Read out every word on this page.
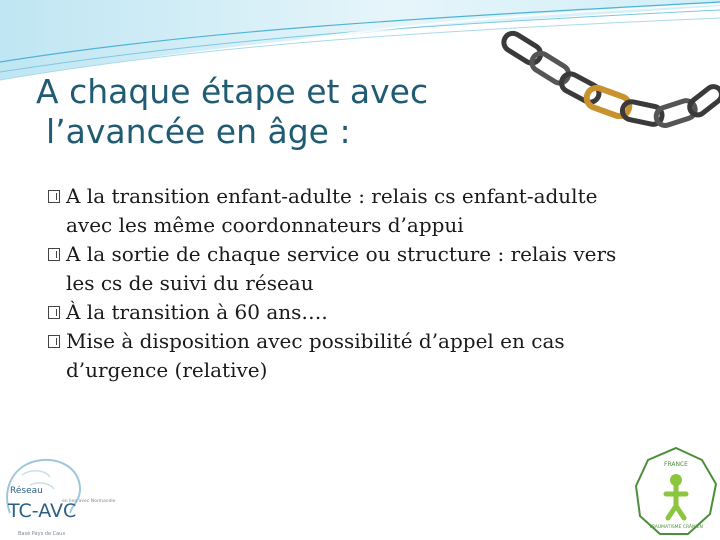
A chaque étape et avec
l’avancée en âge :
A la transition enfant-adulte : relais cs enfant-adulte
avec les même coordonnateurs d’appui
A la sortie de chaque service ou structure : relais vers
les cs de suivi du réseau
À la transition à 60 ans….
Mise à disposition avec possibilité d’appel en cas
d’urgence (relative)
Réseau
TC-AVC
en lien avec Normandie
Basé Pays de Caux
FRANCE
TRAUMATISME CRÂNIEN
